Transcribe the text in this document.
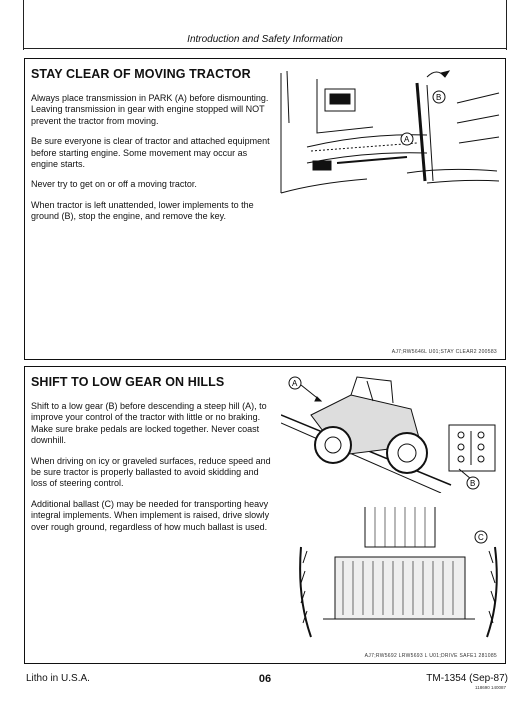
Introduction and Safety Information
STAY CLEAR OF MOVING TRACTOR

Always place transmission in PARK (A) before dismounting. Leaving transmission in gear with engine stopped will NOT prevent the tractor from moving.

Be sure everyone is clear of tractor and attached equipment before starting engine. Some movement may occur as engine starts.

Never try to get on or off a moving tractor.

When tractor is left unattended, lower implements to the ground (B), stop the engine, and remove the key.

A
B
AJ7;RW5646L U01;STAY CLEAR2 200583
SHIFT TO LOW GEAR ON HILLS

Shift to a low gear (B) before descending a steep hill (A), to improve your control of the tractor with little or no braking. Make sure brake pedals are locked together. Never coast downhill.

When driving on icy or graveled surfaces, reduce speed and be sure tractor is properly ballasted to avoid skidding and loss of steering control.

Additional ballast (C) may be needed for transporting heavy integral implements. When implement is raised, drive slowly over rough ground, regardless of how much ballast is used.

A
B
C
AJ7;RW5692 LRW5693 L U01;DRIVE SAFE1 281085
Litho in U.S.A.	06	TM-1354 (Sep-87)
118690 140087
